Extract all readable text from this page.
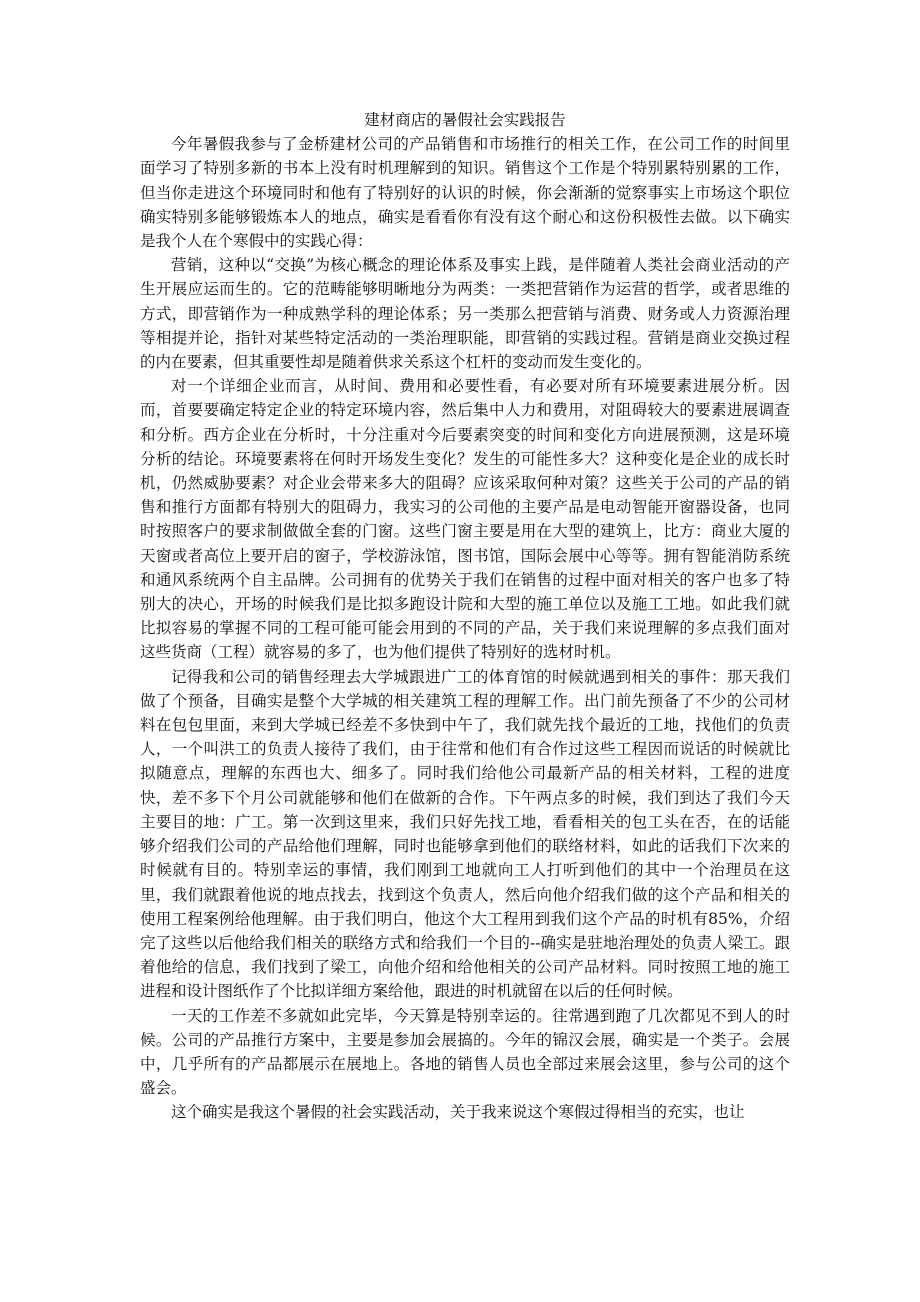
建材商店的暑假社会实践报告

今年暑假我参与了金桥建材公司的产品销售和市场推行的相关工作，在公司工作的时间里面学习了特别多新的书本上没有时机理解到的知识。销售这个工作是个特别累特别累的工作，但当你走进这个环境同时和他有了特别好的认识的时候，你会渐渐的觉察事实上市场这个职位确实特别多能够锻炼本人的地点，确实是看看你有没有这个耐心和这份积极性去做。以下确实是我个人在个寒假中的实践心得：

营销，这种以“交换”为核心概念的理论体系及事实上践，是伴随着人类社会商业活动的产生开展应运而生的。它的范畴能够明晰地分为两类：一类把营销作为运营的哲学，或者思维的方式，即营销作为一种成熟学科的理论体系；另一类那么把营销与消费、财务或人力资源治理等相提并论，指针对某些特定活动的一类治理职能，即营销的实践过程。营销是商业交换过程的内在要素，但其重要性却是随着供求关系这个杠杆的变动而发生变化的。

对一个详细企业而言，从时间、费用和必要性看，有必要对所有环境要素进展分析。因而，首要要确定特定企业的特定环境内容，然后集中人力和费用，对阻碍较大的要素进展调查和分析。西方企业在分析时，十分注重对今后要素突变的时间和变化方向进展预测，这是环境分析的结论。环境要素将在何时开场发生变化？发生的可能性多大？这种变化是企业的成长时机，仍然威胁要素？对企业会带来多大的阻碍？应该采取何种对策？这些关于公司的产品的销售和推行方面都有特别大的阻碍力，我实习的公司他的主要产品是电动智能开窗器设备，也同时按照客户的要求制做做全套的门窗。这些门窗主要是用在大型的建筑上，比方：商业大厦的天窗或者高位上要开启的窗子，学校游泳馆，图书馆，国际会展中心等等。拥有智能消防系统和通风系统两个自主品牌。公司拥有的优势关于我们在销售的过程中面对相关的客户也多了特别大的决心，开场的时候我们是比拟多跑设计院和大型的施工单位以及施工工地。如此我们就比拟容易的掌握不同的工程可能可能会用到的不同的产品，关于我们来说理解的多点我们面对这些货商（工程）就容易的多了，也为他们提供了特别好的选材时机。

记得我和公司的销售经理去大学城跟进广工的体育馆的时候就遇到相关的事件：那天我们做了个预备，目确实是整个大学城的相关建筑工程的理解工作。出门前先预备了不少的公司材料在包包里面，来到大学城已经差不多快到中午了，我们就先找个最近的工地，找他们的负责人，一个叫洪工的负责人接待了我们，由于往常和他们有合作过这些工程因而说话的时候就比拟随意点，理解的东西也大、细多了。同时我们给他公司最新产品的相关材料，工程的进度快，差不多下个月公司就能够和他们在做新的合作。下午两点多的时候，我们到达了我们今天主要目的地：广工。第一次到这里来，我们只好先找工地，看看相关的包工头在否，在的话能够介绍我们公司的产品给他们理解，同时也能够拿到他们的联络材料，如此的话我们下次来的时候就有目的。特别幸运的事情，我们刚到工地就向工人打听到他们的其中一个治理员在这里，我们就跟着他说的地点找去，找到这个负责人，然后向他介绍我们做的这个产品和相关的使用工程案例给他理解。由于我们明白，他这个大工程用到我们这个产品的时机有85%，介绍完了这些以后他给我们相关的联络方式和给我们一个目的--确实是驻地治理处的负责人梁工。跟着他给的信息，我们找到了梁工，向他介绍和给他相关的公司产品材料。同时按照工地的施工进程和设计图纸作了个比拟详细方案给他，跟进的时机就留在以后的任何时候。

一天的工作差不多就如此完毕，今天算是特别幸运的。往常遇到跑了几次都见不到人的时候。公司的产品推行方案中，主要是参加会展搞的。今年的锦汉会展，确实是一个类子。会展中，几乎所有的产品都展示在展地上。各地的销售人员也全部过来展会这里，参与公司的这个盛会。

这个确实是我这个暑假的社会实践活动，关于我来说这个寒假过得相当的充实，也让
